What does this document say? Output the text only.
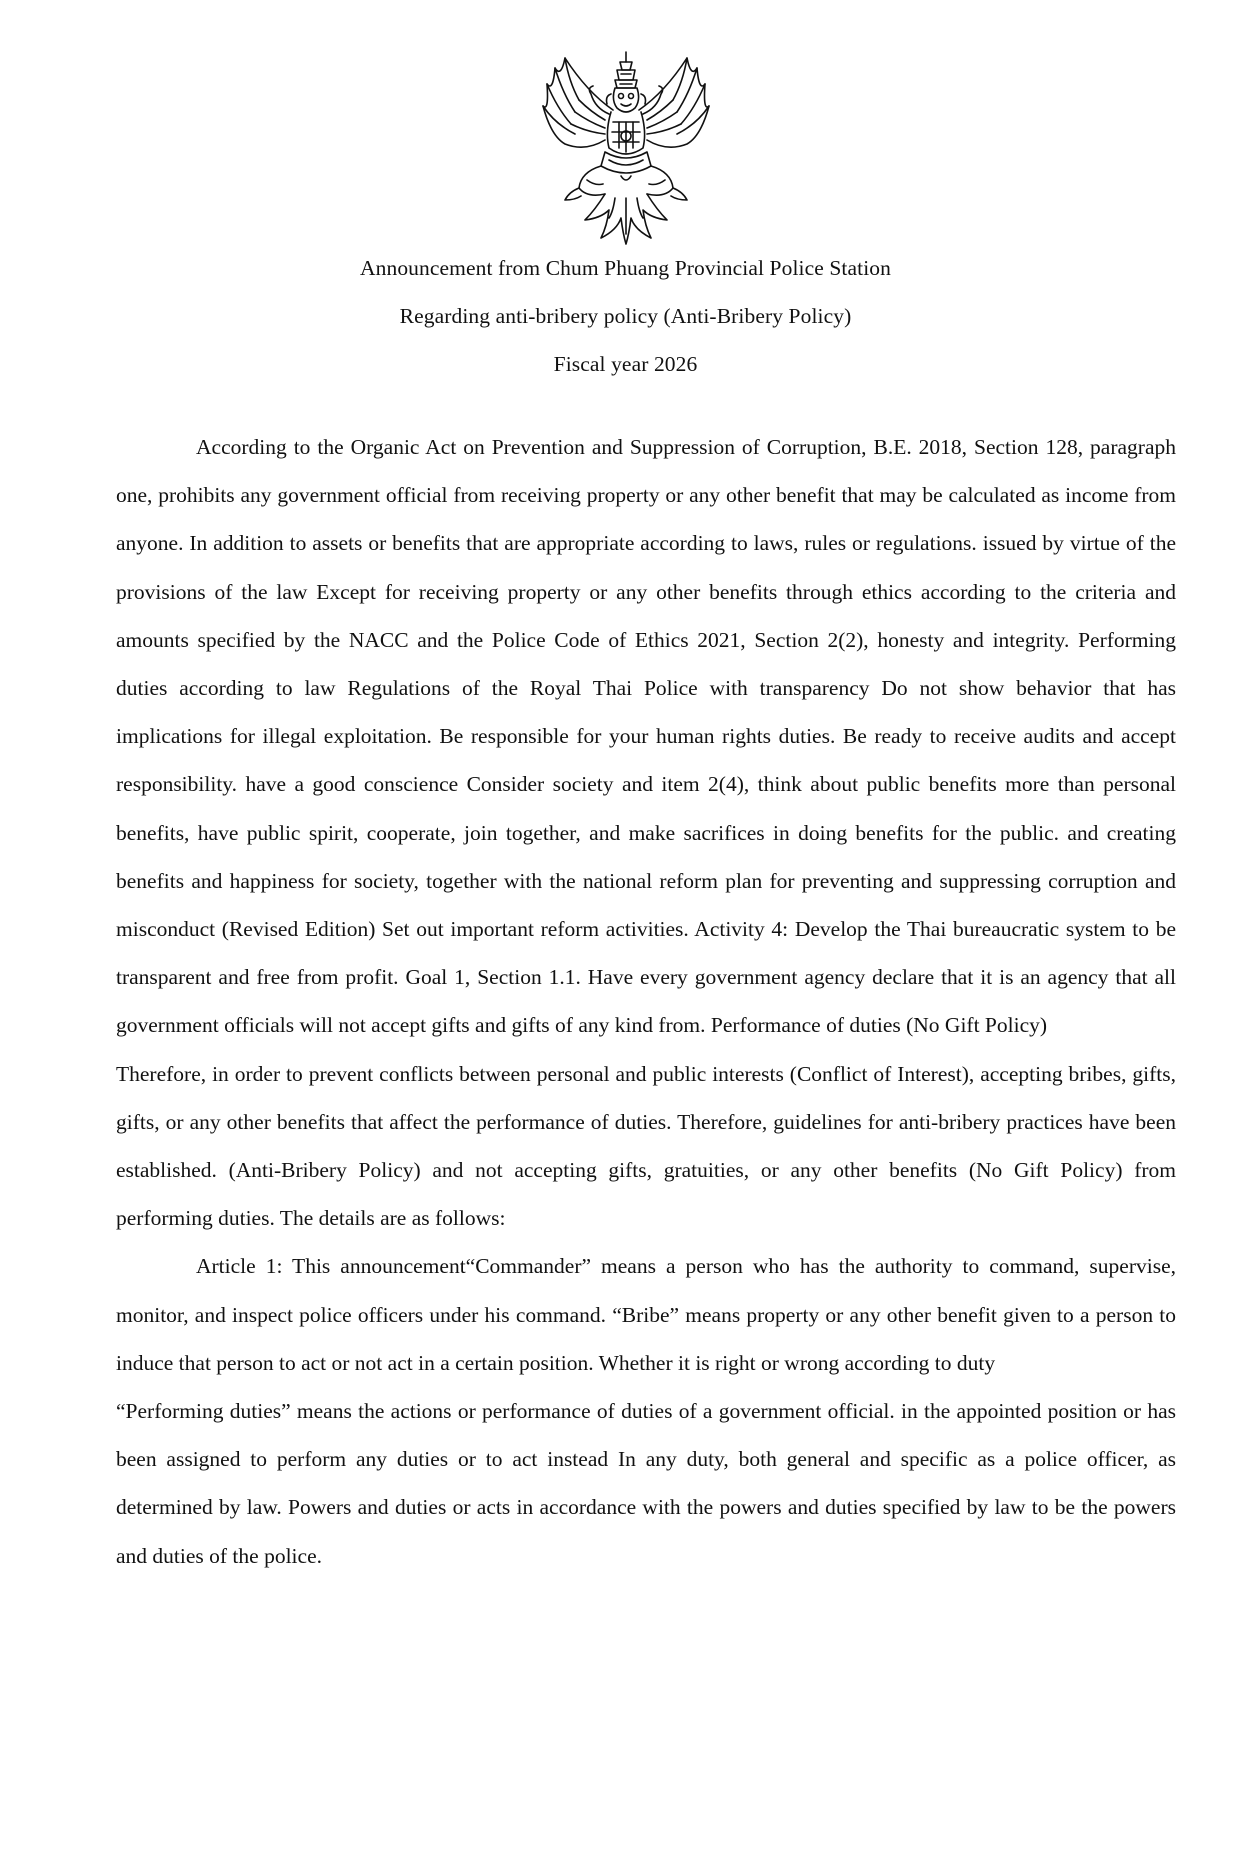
Announcement from Chum Phuang Provincial Police Station
Regarding anti-bribery policy (Anti-Bribery Policy)
Fiscal year 2026

According to the Organic Act on Prevention and Suppression of Corruption, B.E. 2018, Section 128, paragraph one, prohibits any government official from receiving property or any other benefit that may be calculated as income from anyone. In addition to assets or benefits that are appropriate according to laws, rules or regulations. issued by virtue of the provisions of the law Except for receiving property or any other benefits through ethics according to the criteria and amounts specified by the NACC and the Police Code of Ethics 2021, Section 2(2), honesty and integrity. Performing duties according to law Regulations of the Royal Thai Police with transparency Do not show behavior that has implications for illegal exploitation. Be responsible for your human rights duties. Be ready to receive audits and accept responsibility. have a good conscience Consider society and item 2(4), think about public benefits more than personal benefits, have public spirit, cooperate, join together, and make sacrifices in doing benefits for the public. and creating benefits and happiness for society, together with the national reform plan for preventing and suppressing corruption and misconduct (Revised Edition) Set out important reform activities. Activity 4: Develop the Thai bureaucratic system to be transparent and free from profit. Goal 1, Section 1.1. Have every government agency declare that it is an agency that all government officials will not accept gifts and gifts of any kind from. Performance of duties (No Gift Policy)

Therefore, in order to prevent conflicts between personal and public interests (Conflict of Interest), accepting bribes, gifts, gifts, or any other benefits that affect the performance of duties. Therefore, guidelines for anti-bribery practices have been established. (Anti-Bribery Policy) and not accepting gifts, gratuities, or any other benefits (No Gift Policy) from performing duties. The details are as follows:

Article 1: This announcement“Commander” means a person who has the authority to command, supervise, monitor, and inspect police officers under his command. “Bribe” means property or any other benefit given to a person to induce that person to act or not act in a certain position. Whether it is right or wrong according to duty

“Performing duties” means the actions or performance of duties of a government official. in the appointed position or has been assigned to perform any duties or to act instead In any duty, both general and specific as a police officer, as determined by law. Powers and duties or acts in accordance with the powers and duties specified by law to be the powers and duties of the police.
